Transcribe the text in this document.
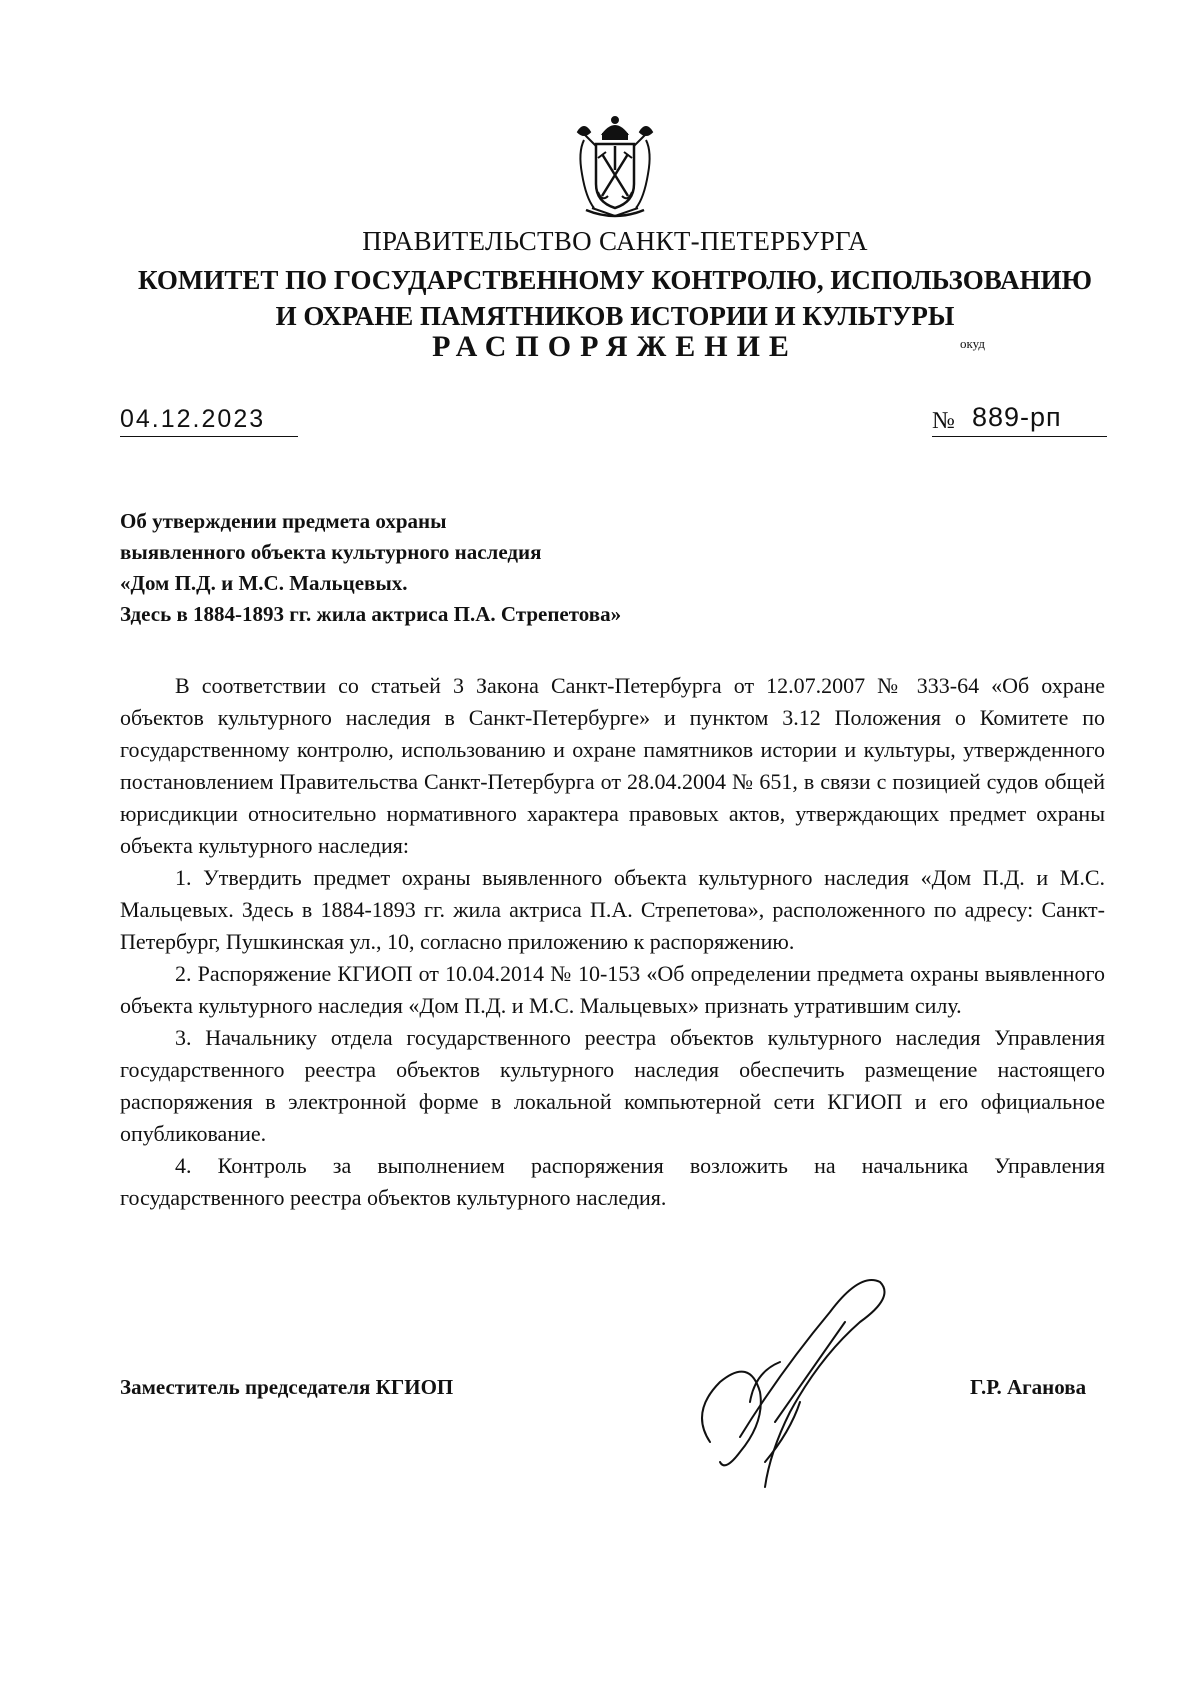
ПРАВИТЕЛЬСТВО САНКТ-ПЕТЕРБУРГА
КОМИТЕТ ПО ГОСУДАРСТВЕННОМУ КОНТРОЛЮ, ИСПОЛЬЗОВАНИЮ
И ОХРАНЕ ПАМЯТНИКОВ ИСТОРИИ И КУЛЬТУРЫ
РАСПОРЯЖЕНИЕ	окуд
04.12.2023	№ 889-рп
Об утверждении предмета охраны
выявленного объекта культурного наследия
«Дом П.Д. и М.С. Мальцевых.
Здесь в 1884-1893 гг. жила актриса П.А. Стрепетова»

В соответствии со статьей 3 Закона Санкт-Петербурга от 12.07.2007 № 333-64 «Об охране объектов культурного наследия в Санкт-Петербурге» и пунктом 3.12 Положения о Комитете по государственному контролю, использованию и охране памятников истории и культуры, утвержденного постановлением Правительства Санкт-Петербурга от 28.04.2004 № 651, в связи с позицией судов общей юрисдикции относительно нормативного характера правовых актов, утверждающих предмет охраны объекта культурного наследия:

1. Утвердить предмет охраны выявленного объекта культурного наследия «Дом П.Д. и М.С. Мальцевых. Здесь в 1884-1893 гг. жила актриса П.А. Стрепетова», расположенного по адресу: Санкт-Петербург, Пушкинская ул., 10, согласно приложению к распоряжению.

2. Распоряжение КГИОП от 10.04.2014 № 10-153 «Об определении предмета охраны выявленного объекта культурного наследия «Дом П.Д. и М.С. Мальцевых» признать утратившим силу.

3. Начальнику отдела государственного реестра объектов культурного наследия Управления государственного реестра объектов культурного наследия обеспечить размещение настоящего распоряжения в электронной форме в локальной компьютерной сети КГИОП и его официальное опубликование.

4. Контроль за выполнением распоряжения возложить на начальника Управления государственного реестра объектов культурного наследия.

Заместитель председателя КГИОП	Г.Р. Аганова
